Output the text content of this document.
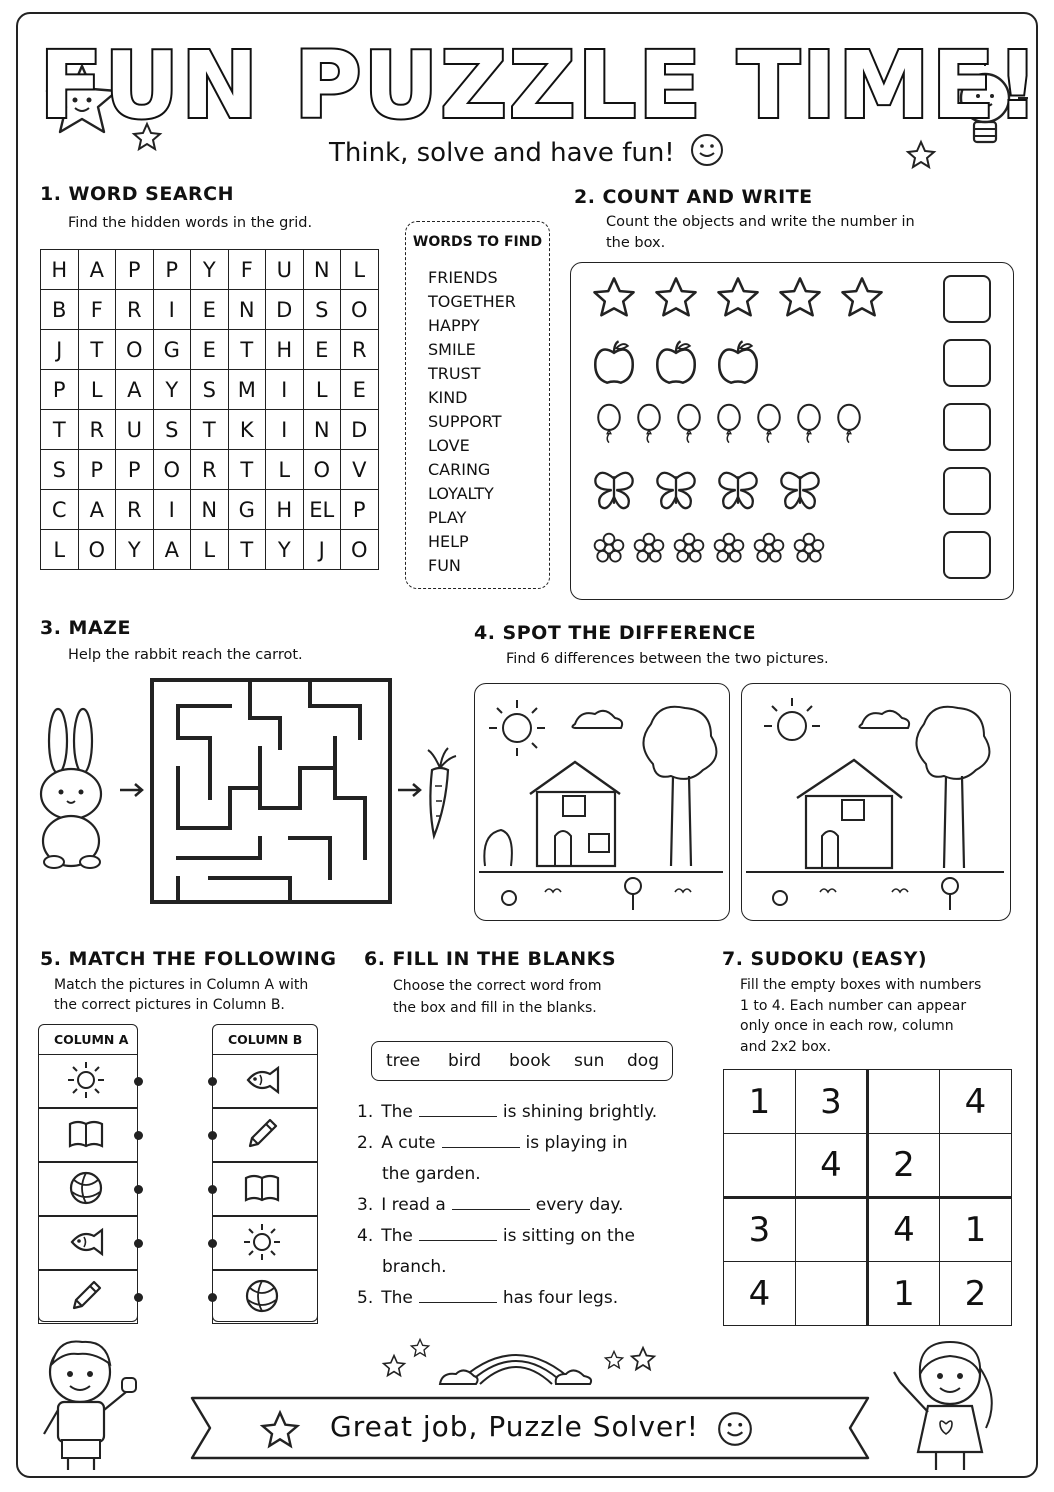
FUN PUZZLE TIME!
Think, solve and have fun!
1. WORD SEARCH
Find the hidden words in the grid.
H	A	P	P	Y	F	U	N	L
B	F	R	I	E	N	D	S	O
J	T	O	G	E	T	H	E	R
P	L	A	Y	S	M	I	L	E
T	R	U	S	T	K	I	N	D
S	P	P	O	R	T	L	O	V
C	A	R	I	N	G	H	EL	P
L	O	Y	A	L	T	Y	J	O
WORDS TO FIND
FRIENDS
TOGETHER
HAPPY
SMILE
TRUST
KIND
SUPPORT
LOVE
CARING
LOYALTY
PLAY
HELP
FUN
2. COUNT AND WRITE
Count the objects and write the number in
the box.
3. MAZE
Help the rabbit reach the carrot.
4. SPOT THE DIFFERENCE
Find 6 differences between the two pictures.
5. MATCH THE FOLLOWING
Match the pictures in Column A with
the correct pictures in Column B.
COLUMN A	COLUMN B
6. FILL IN THE BLANKS
Choose the correct word from
the box and fill in the blanks.
tree bird book sun dog
1. The	is shining brightly.
2. A cute	is playing in
the garden.
3. I read a	every day.
4. The	is sitting on the
branch.
5. The	has four legs.
7. SUDOKU (EASY)
Fill the empty boxes with numbers
1 to 4. Each number can appear
only once in each row, column
and 2x2 box.
1	3		4
	4	2	
3		4	1
4		1	2
Great job, Puzzle Solver!
